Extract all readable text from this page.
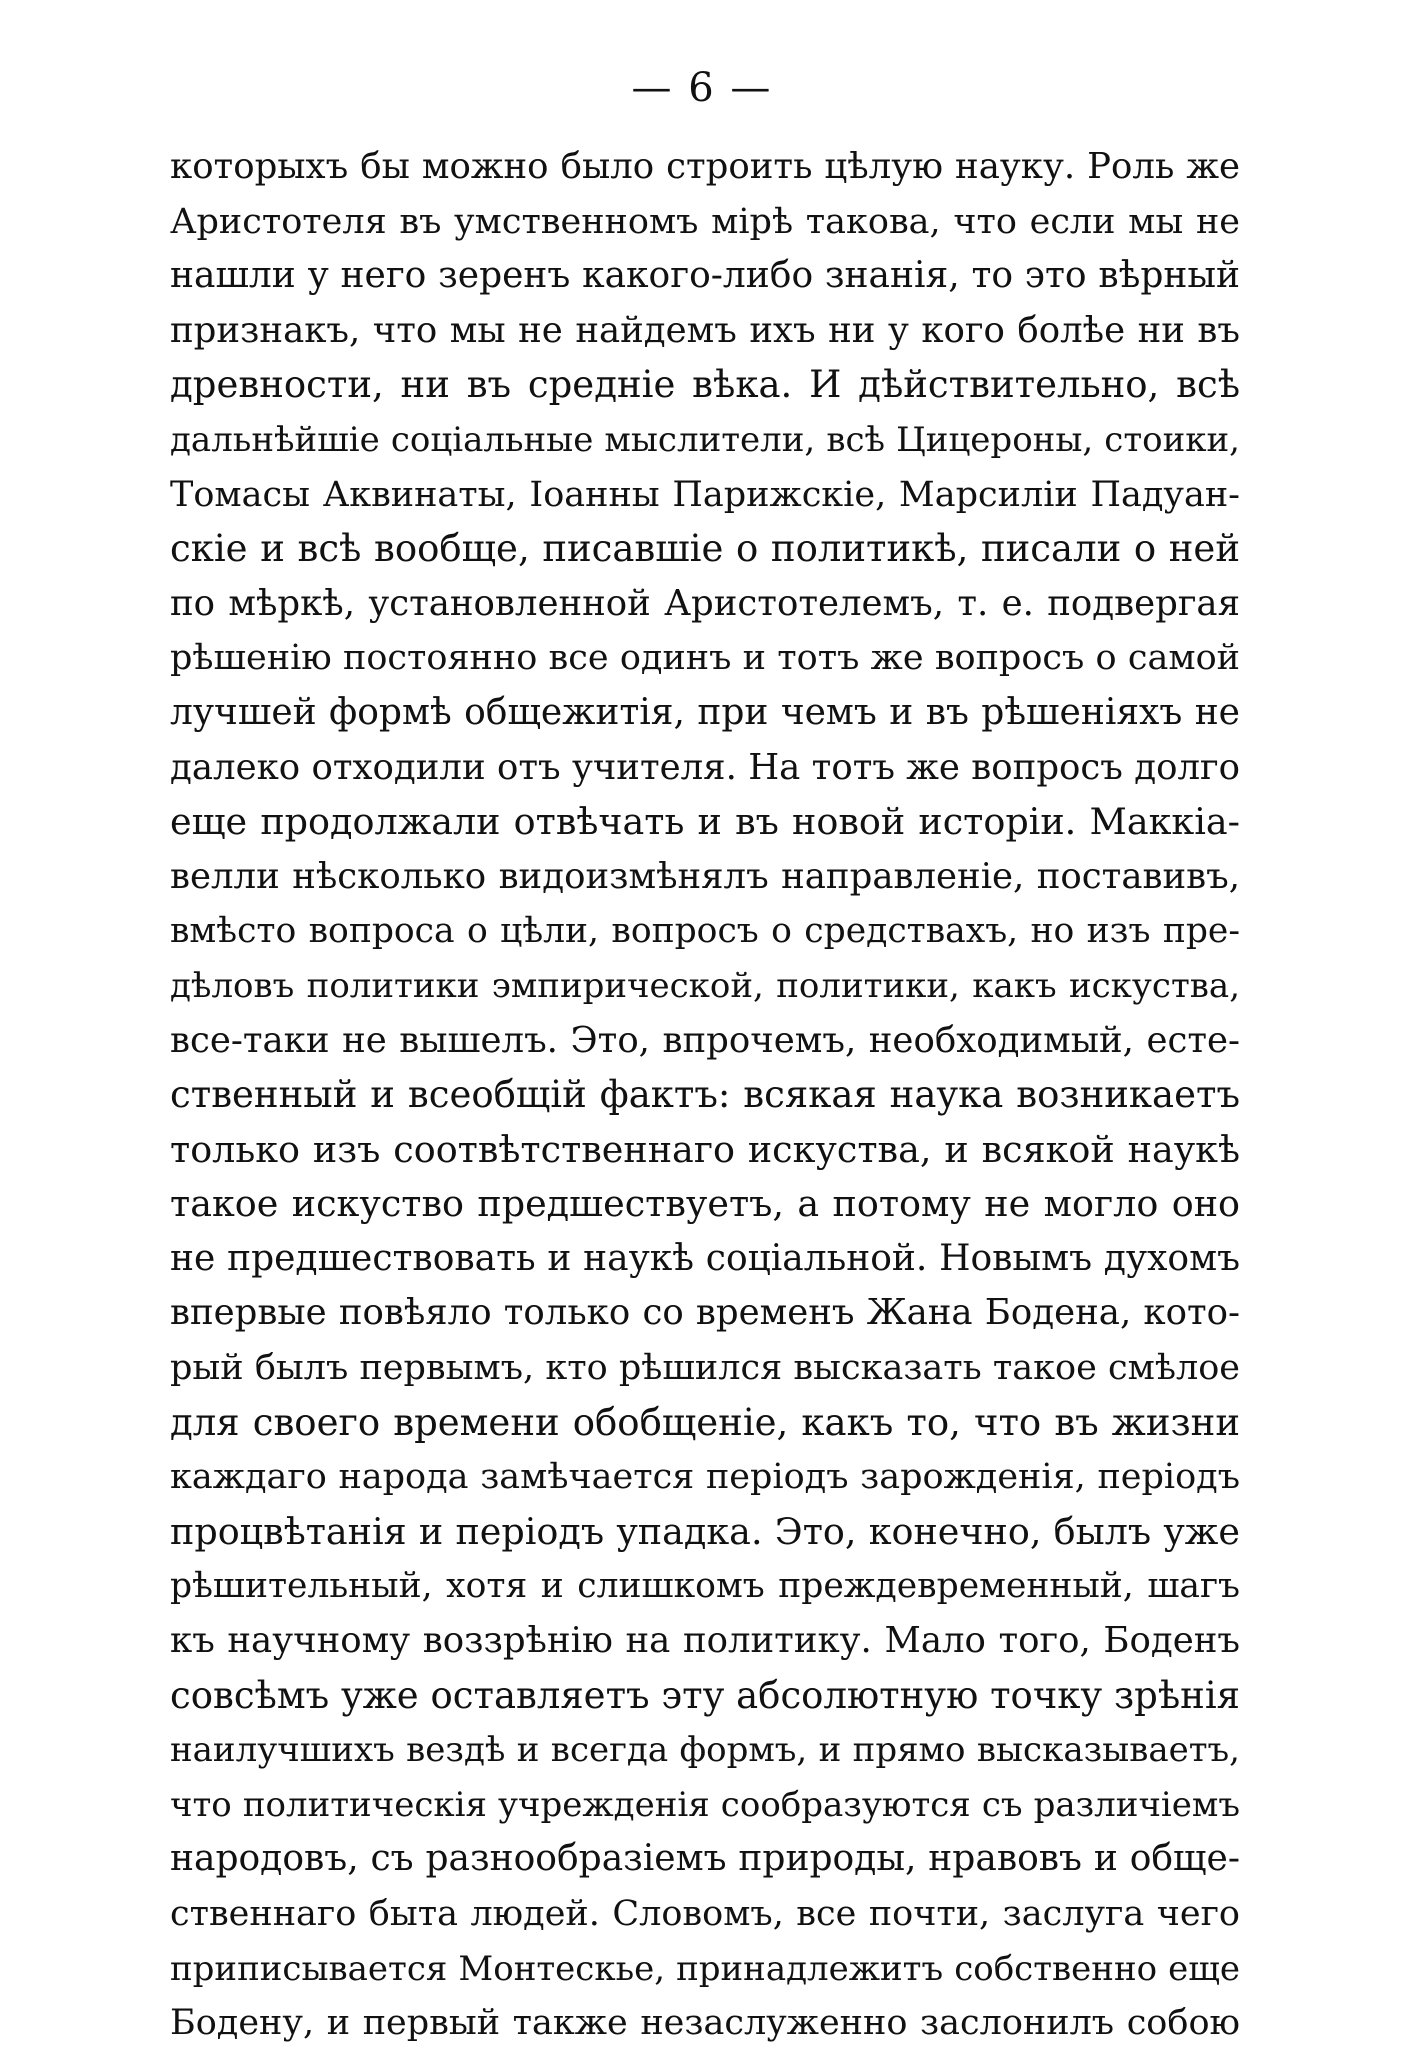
— 6 —
которыхъ бы можно было строить цѣлую науку. Роль же
Аристотеля въ умственномъ мірѣ такова, что если мы не
нашли у него зеренъ какого-либо знанія, то это вѣрный
признакъ, что мы не найдемъ ихъ ни у кого болѣе ни въ
древности, ни въ средніе вѣка. И дѣйствительно, всѣ
дальнѣйшіе соціальные мыслители, всѣ Цицероны, стоики,
Томасы Аквинаты, Іоанны Парижскіе, Марсиліи Падуан-
скіе и всѣ вообще, писавшіе о политикѣ, писали о ней
по мѣркѣ, установленной Аристотелемъ, т. е. подвергая
рѣшенію постоянно все одинъ и тотъ же вопросъ о самой
лучшей формѣ общежитія, при чемъ и въ рѣшеніяхъ не
далеко отходили отъ учителя. На тотъ же вопросъ долго
еще продолжали отвѣчать и въ новой исторіи. Маккіа-
велли нѣсколько видоизмѣнялъ направленіе, поставивъ,
вмѣсто вопроса о цѣли, вопросъ о средствахъ, но изъ пре-
дѣловъ политики эмпирической, политики, какъ искуства,
все-таки не вышелъ. Это, впрочемъ, необходимый, есте-
ственный и всеобщій фактъ: всякая наука возникаетъ
только изъ соотвѣтственнаго искуства, и всякой наукѣ
такое искуство предшествуетъ, а потому не могло оно
не предшествовать и наукѣ соціальной. Новымъ духомъ
впервые повѣяло только со временъ Жана Бодена, кото-
рый былъ первымъ, кто рѣшился высказать такое смѣлое
для своего времени обобщеніе, какъ то, что въ жизни
каждаго народа замѣчается періодъ зарожденія, періодъ
процвѣтанія и періодъ упадка. Это, конечно, былъ уже
рѣшительный, хотя и слишкомъ преждевременный, шагъ
къ научному воззрѣнію на политику. Мало того, Боденъ
совсѣмъ уже оставляетъ эту абсолютную точку зрѣнія
наилучшихъ вездѣ и всегда формъ, и прямо высказываетъ,
что политическія учрежденія сообразуются съ различіемъ
народовъ, съ разнообразіемъ природы, нравовъ и обще-
ственнаго быта людей. Словомъ, все почти, заслуга чего
приписывается Монтескье, принадлежитъ собственно еще
Бодену, и первый также незаслуженно заслонилъ собою
